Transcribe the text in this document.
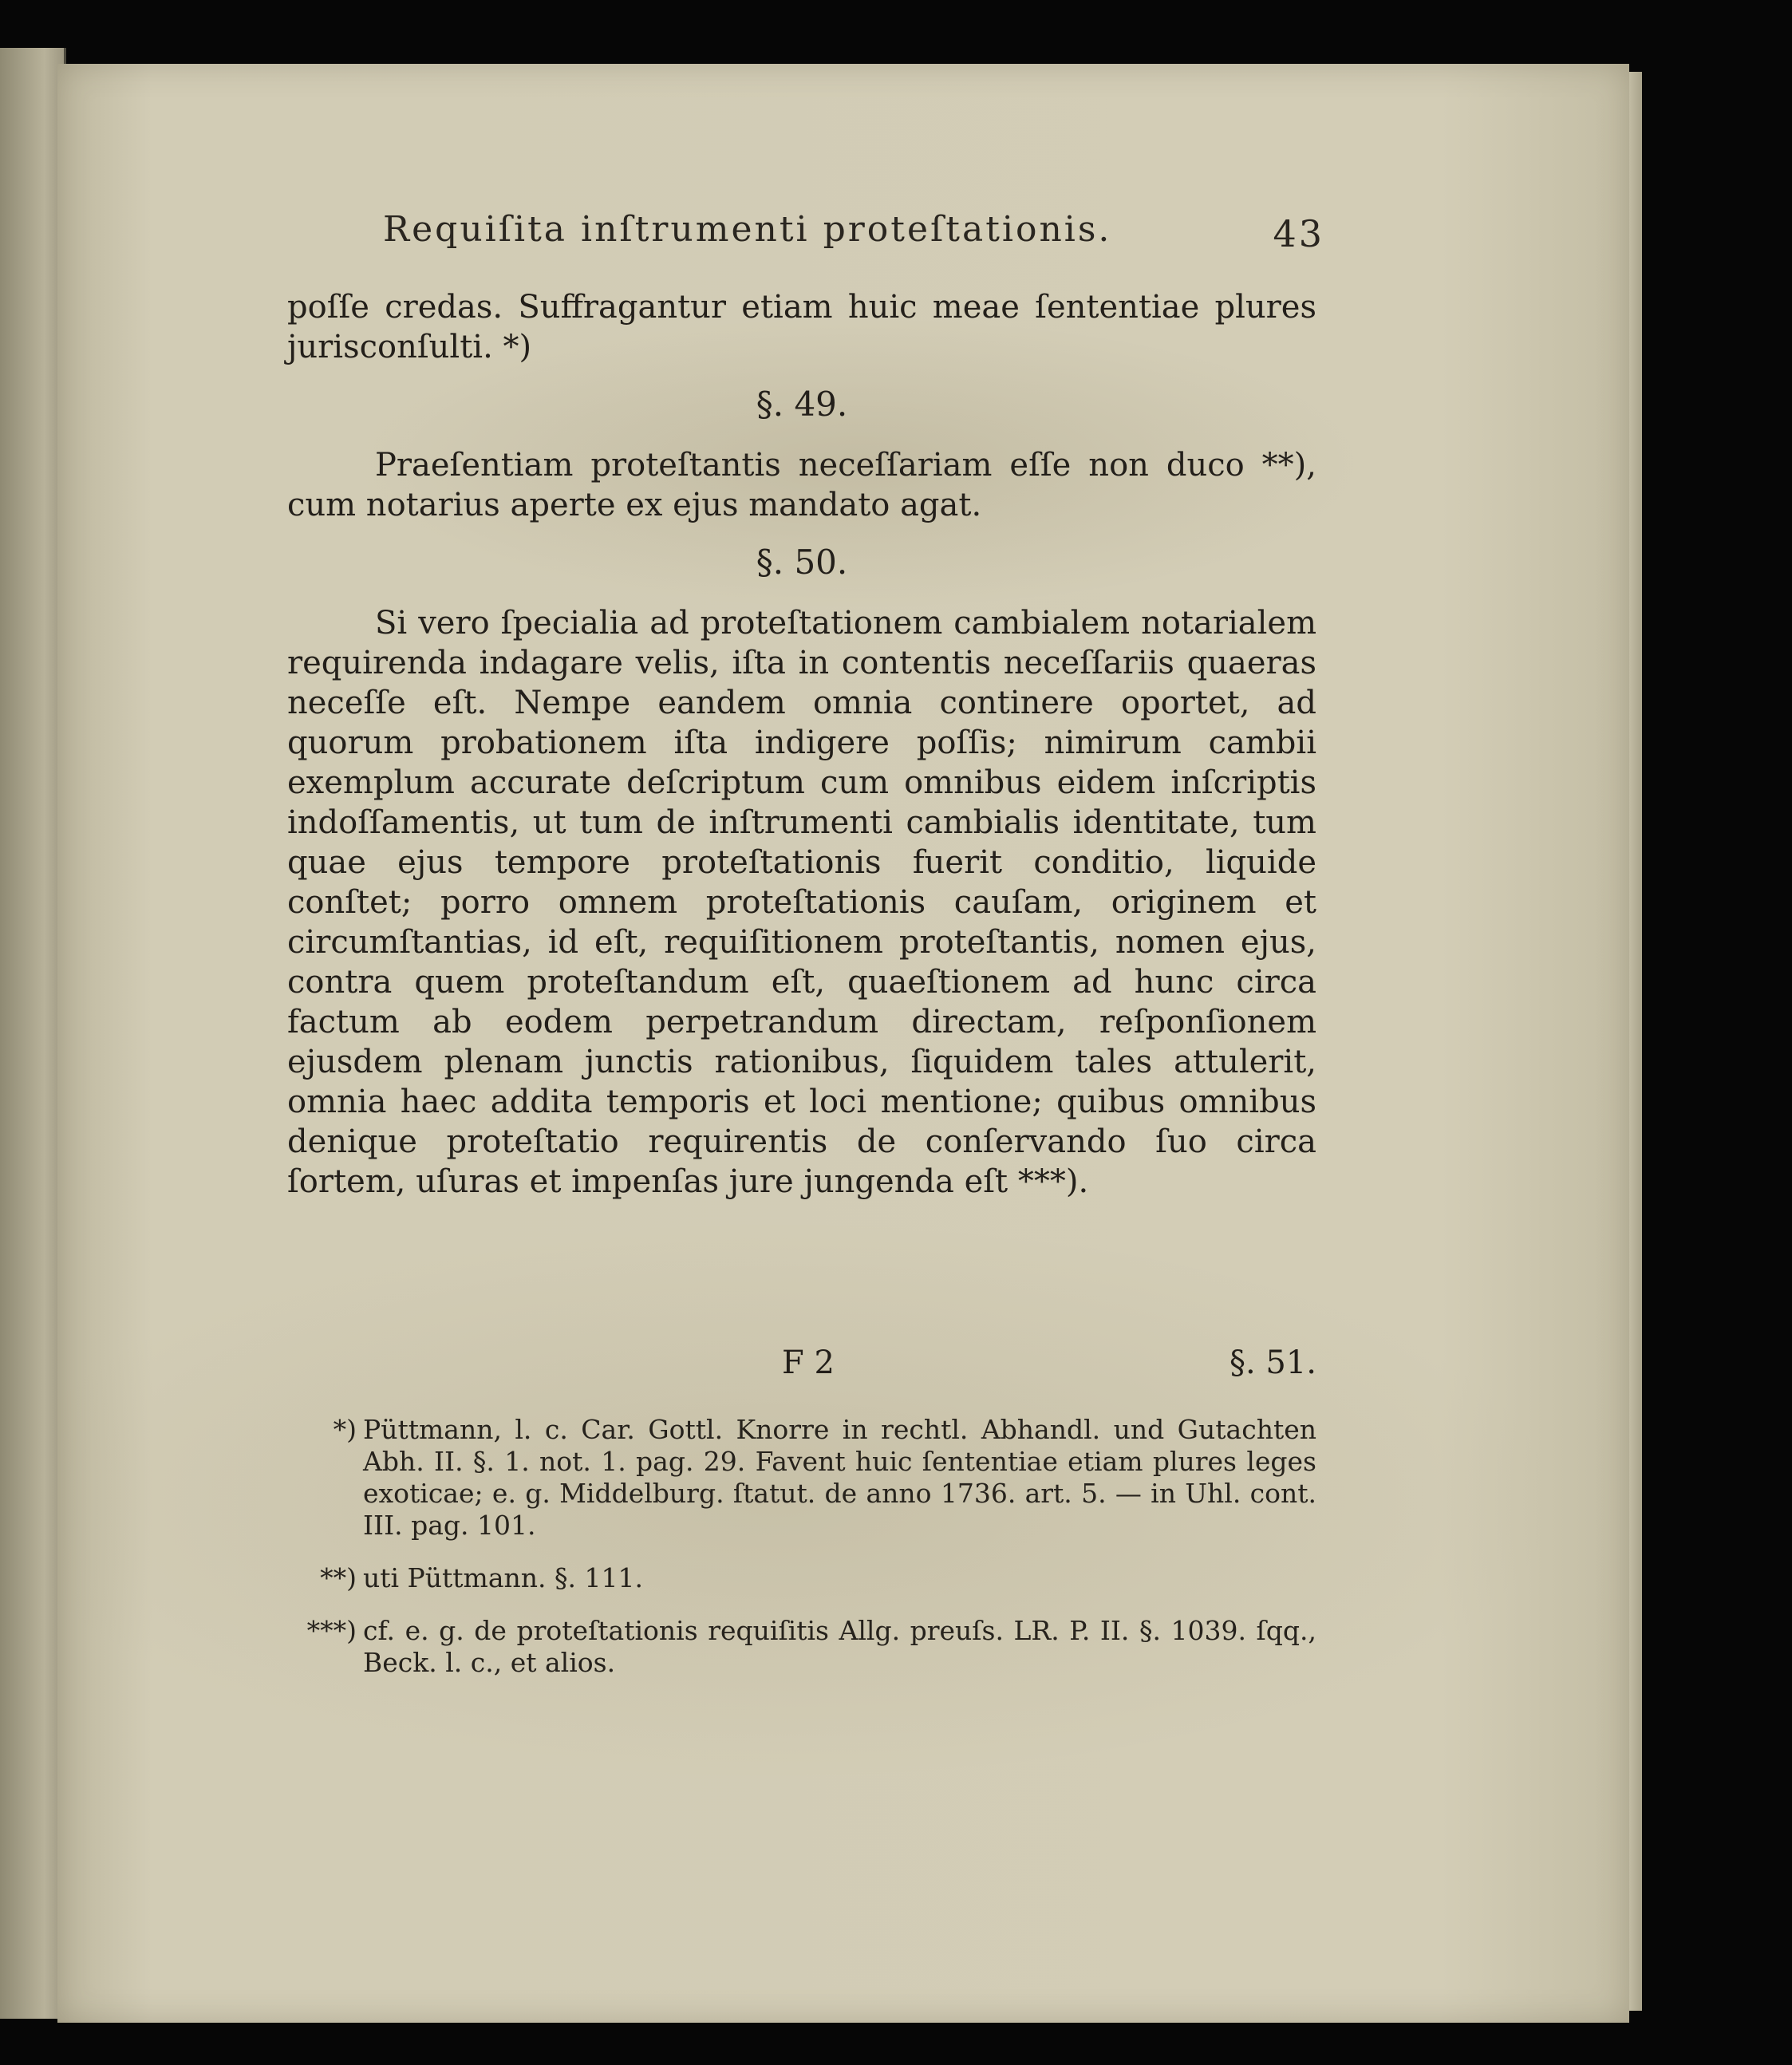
Requiſita inſtrumenti proteſtationis.	43

poſſe credas. Suffragantur etiam huic meae ſententiae plures jurisconſulti. *)

§. 49.

Praeſentiam proteſtantis neceſſariam eſſe non duco **), cum notarius aperte ex ejus mandato agat.

§. 50.

Si vero ſpecialia ad proteſtationem cambialem notarialem requirenda indagare velis, iſta in contentis neceſſariis quaeras neceſſe eſt. Nempe eandem omnia continere oportet, ad quorum probationem iſta indigere poſſis; nimirum cambii exemplum accurate deſcriptum cum omnibus eidem inſcriptis indoſſamentis, ut tum de inſtrumenti cambialis identitate, tum quae ejus tempore proteſtationis fuerit conditio, liquide conſtet; porro omnem proteſtationis cauſam, originem et circumſtantias, id eſt, requiſitionem proteſtantis, nomen ejus, contra quem proteſtandum eſt, quaeſtionem ad hunc circa factum ab eodem perpetrandum directam, reſponſionem ejusdem plenam junctis rationibus, ſiquidem tales attulerit, omnia haec addita temporis et loci mentione; quibus omnibus denique proteſtatio requirentis de conſervando ſuo circa ſortem, uſuras et impenſas jure jungenda eſt ***).

F 2	§. 51.

*) Püttmann, l. c. Car. Gottl. Knorre in rechtl. Abhandl. und Gutachten Abh. II. §. 1. not. 1. pag. 29. Favent huic ſententiae etiam plures leges exoticae; e. g. Middelburg. ſtatut. de anno 1736. art. 5. — in Uhl. cont. III. pag. 101.

**) uti Püttmann. §. 111.

***) cf. e. g. de proteſtationis requiſitis Allg. preuſs. LR. P. II. §. 1039. ſqq., Beck. l. c., et alios.
